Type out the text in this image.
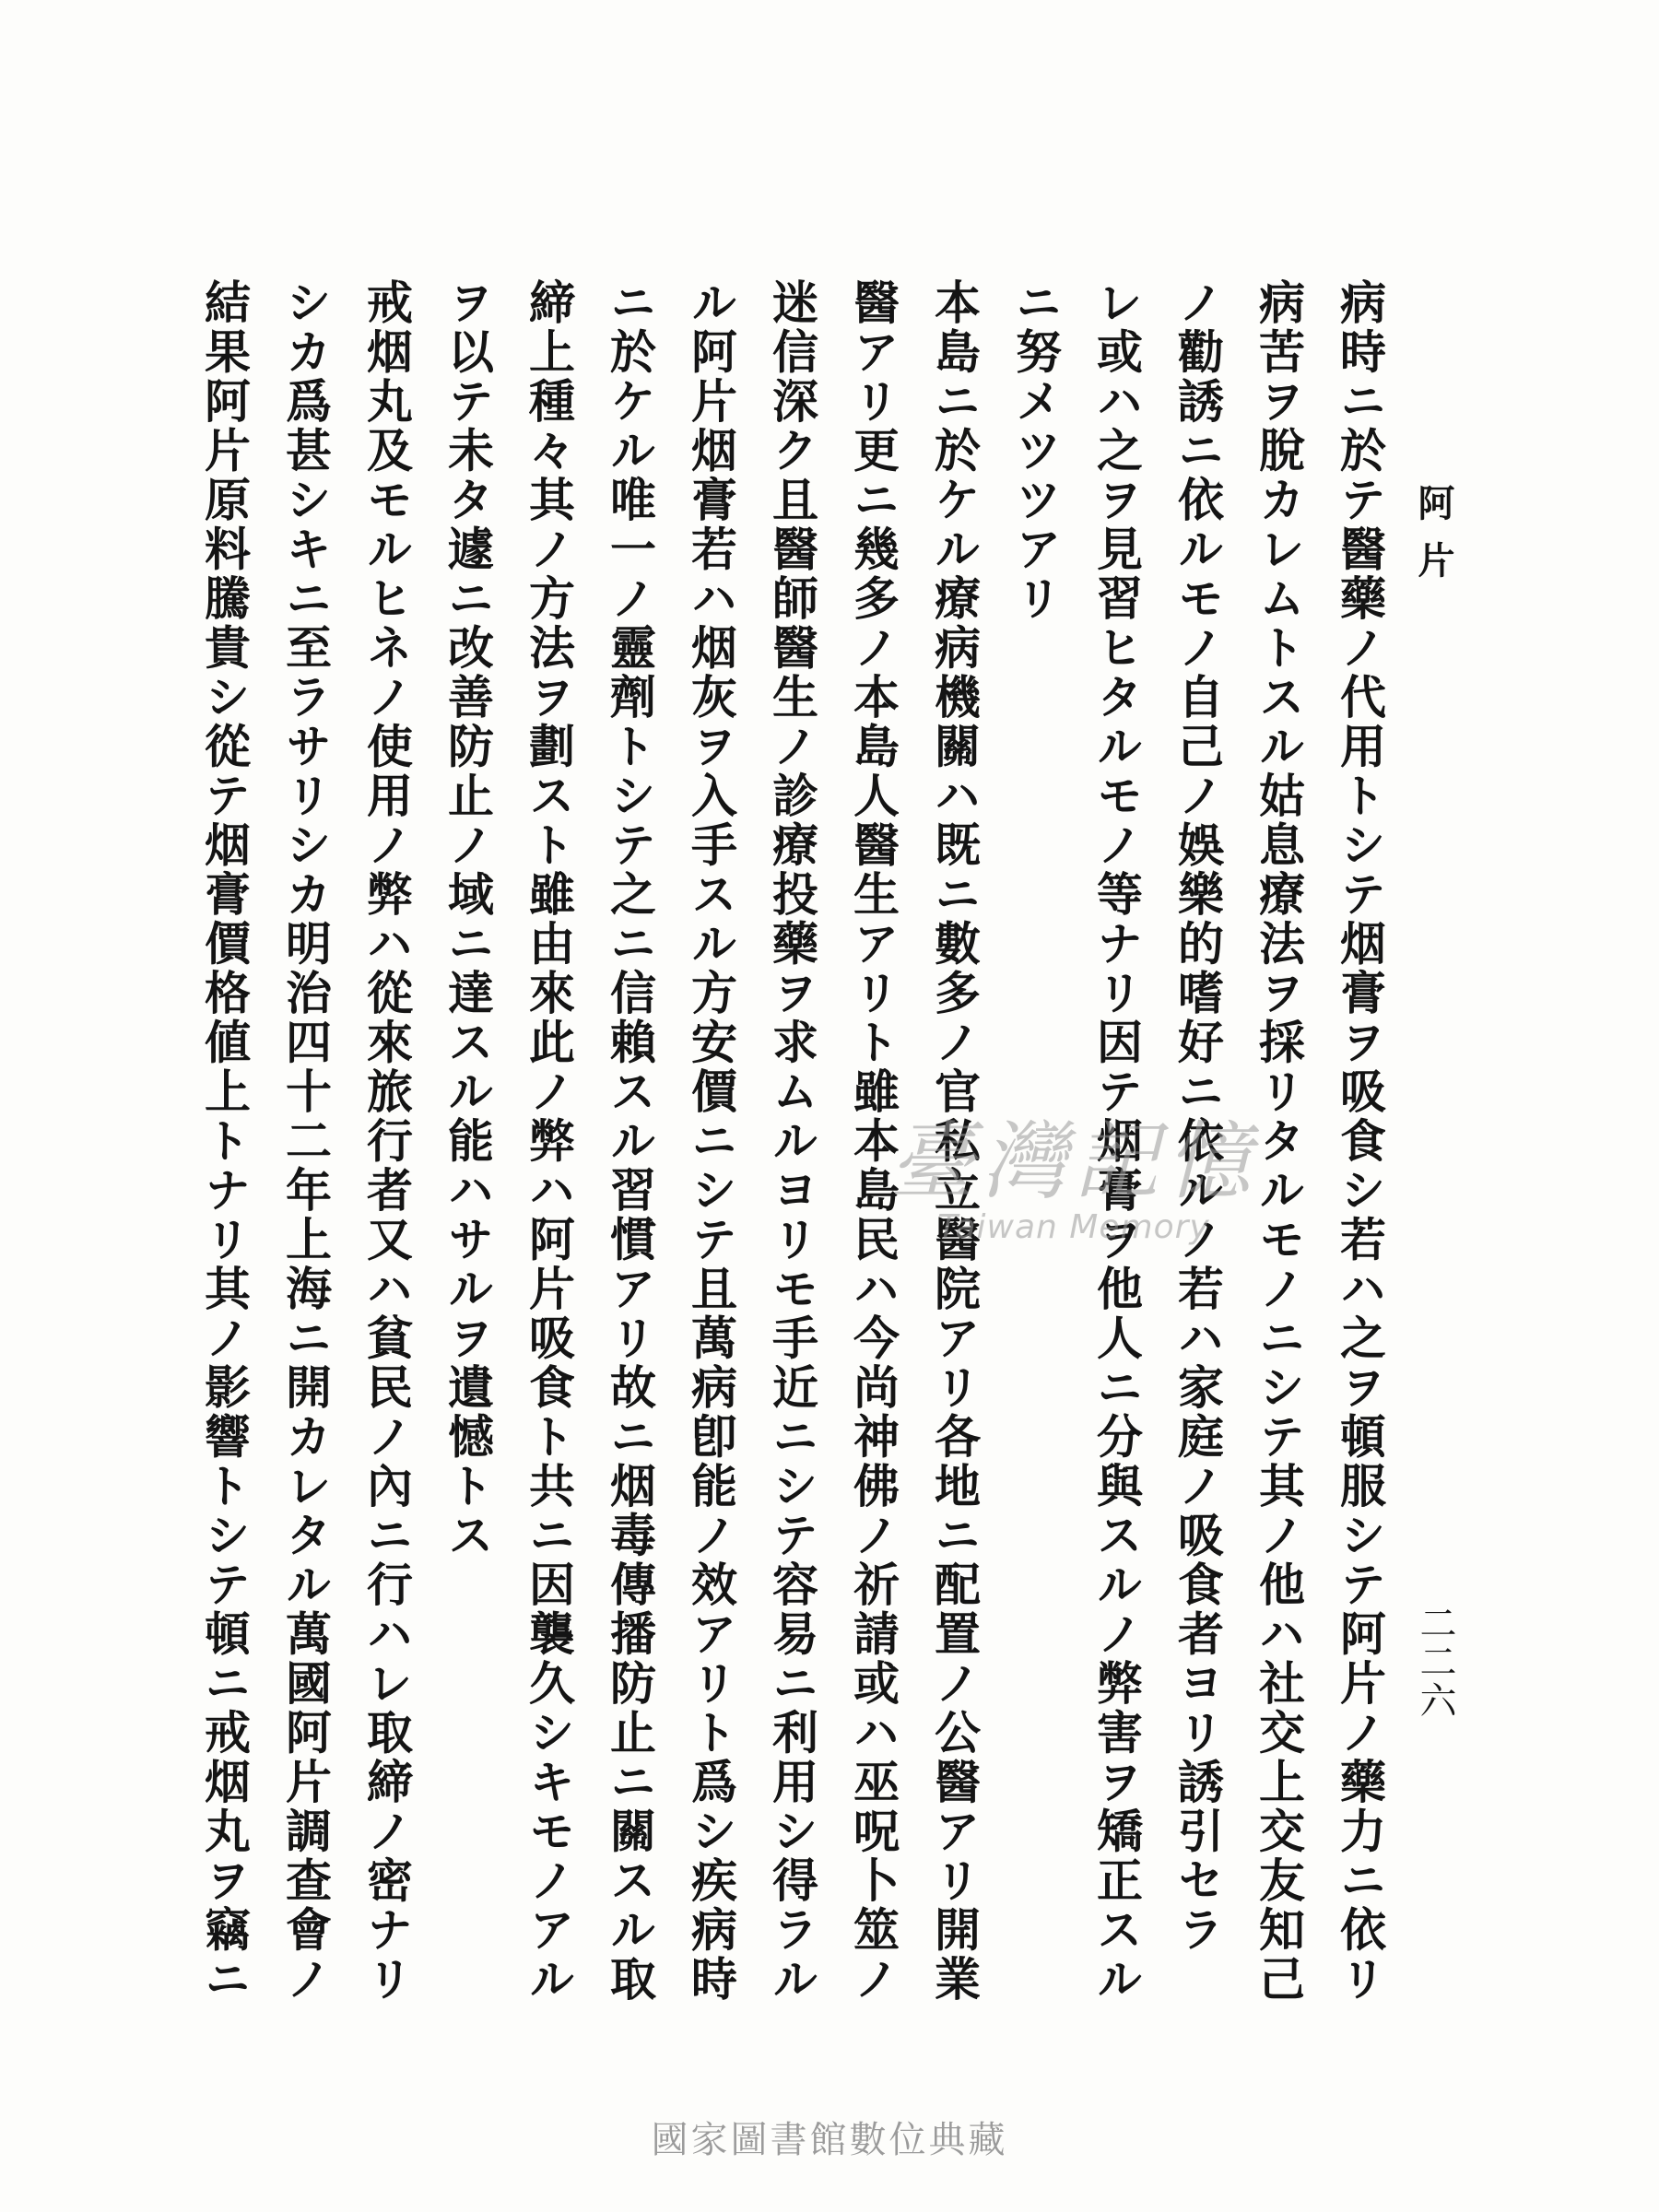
阿片
二二六
病時ニ於テ醫藥ノ代用トシテ烟膏ヲ吸食シ若ハ之ヲ頓服シテ阿片ノ藥力ニ依リ
病苦ヲ脫カレムトスル姑息療法ヲ採リタルモノニシテ其ノ他ハ社交上交友知己
ノ勸誘ニ依ルモノ自己ノ娛樂的嗜好ニ依ルノ若ハ家庭ノ吸食者ヨリ誘引セラ
レ或ハ之ヲ見習ヒタルモノ等ナリ因テ烟膏ヲ他人ニ分與スルノ弊害ヲ矯正スル
ニ努メツツアリ
本島ニ於ケル療病機關ハ既ニ數多ノ官私立醫院アリ各地ニ配置ノ公醫アリ開業
醫アリ更ニ幾多ノ本島人醫生アリト雖本島民ハ今尚神佛ノ祈請或ハ巫呪卜筮ノ
迷信深ク且醫師醫生ノ診療投藥ヲ求ムルヨリモ手近ニシテ容易ニ利用シ得ラル
ル阿片烟膏若ハ烟灰ヲ入手スル方安價ニシテ且萬病卽能ノ效アリト爲シ疾病時
ニ於ケル唯一ノ靈劑トシテ之ニ信賴スル習慣アリ故ニ烟毒傳播防止ニ關スル取
締上種々其ノ方法ヲ劃スト雖由來此ノ弊ハ阿片吸食ト共ニ因襲久シキモノアル
ヲ以テ未タ遽ニ改善防止ノ域ニ達スル能ハサルヲ遺憾トス
戒烟丸及モルヒネノ使用ノ弊ハ從來旅行者又ハ貧民ノ內ニ行ハレ取締ノ密ナリ
シカ爲甚シキニ至ラサリシカ明治四十二年上海ニ開カレタル萬國阿片調查會ノ
結果阿片原料騰貴シ從テ烟膏價格値上トナリ其ノ影響トシテ頓ニ戒烟丸ヲ竊ニ	臺灣記憶
Taiwan Memory
國家圖書館數位典藏
